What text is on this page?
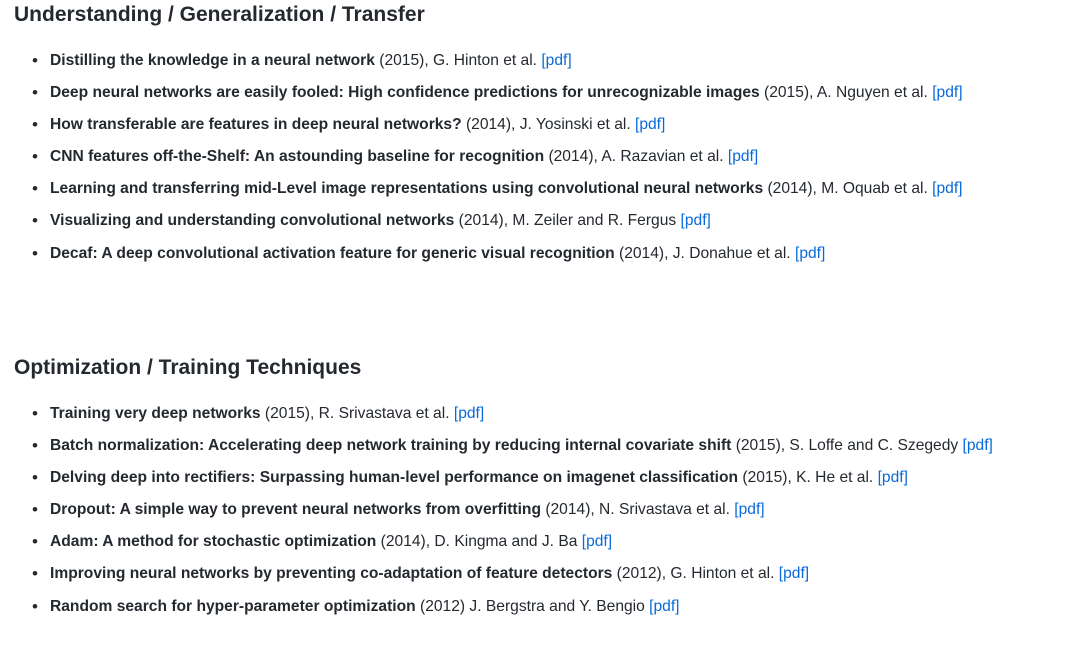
Understanding / Generalization / Transfer
• Distilling the knowledge in a neural network (2015), G. Hinton et al. [pdf]
• Deep neural networks are easily fooled: High confidence predictions for unrecognizable images (2015), A. Nguyen et al. [pdf]
• How transferable are features in deep neural networks? (2014), J. Yosinski et al. [pdf]
• CNN features off-the-Shelf: An astounding baseline for recognition (2014), A. Razavian et al. [pdf]
• Learning and transferring mid-Level image representations using convolutional neural networks (2014), M. Oquab et al. [pdf]
• Visualizing and understanding convolutional networks (2014), M. Zeiler and R. Fergus [pdf]
• Decaf: A deep convolutional activation feature for generic visual recognition (2014), J. Donahue et al. [pdf]
Optimization / Training Techniques
• Training very deep networks (2015), R. Srivastava et al. [pdf]
• Batch normalization: Accelerating deep network training by reducing internal covariate shift (2015), S. Loffe and C. Szegedy [pdf]
• Delving deep into rectifiers: Surpassing human-level performance on imagenet classification (2015), K. He et al. [pdf]
• Dropout: A simple way to prevent neural networks from overfitting (2014), N. Srivastava et al. [pdf]
• Adam: A method for stochastic optimization (2014), D. Kingma and J. Ba [pdf]
• Improving neural networks by preventing co-adaptation of feature detectors (2012), G. Hinton et al. [pdf]
• Random search for hyper-parameter optimization (2012) J. Bergstra and Y. Bengio [pdf]
